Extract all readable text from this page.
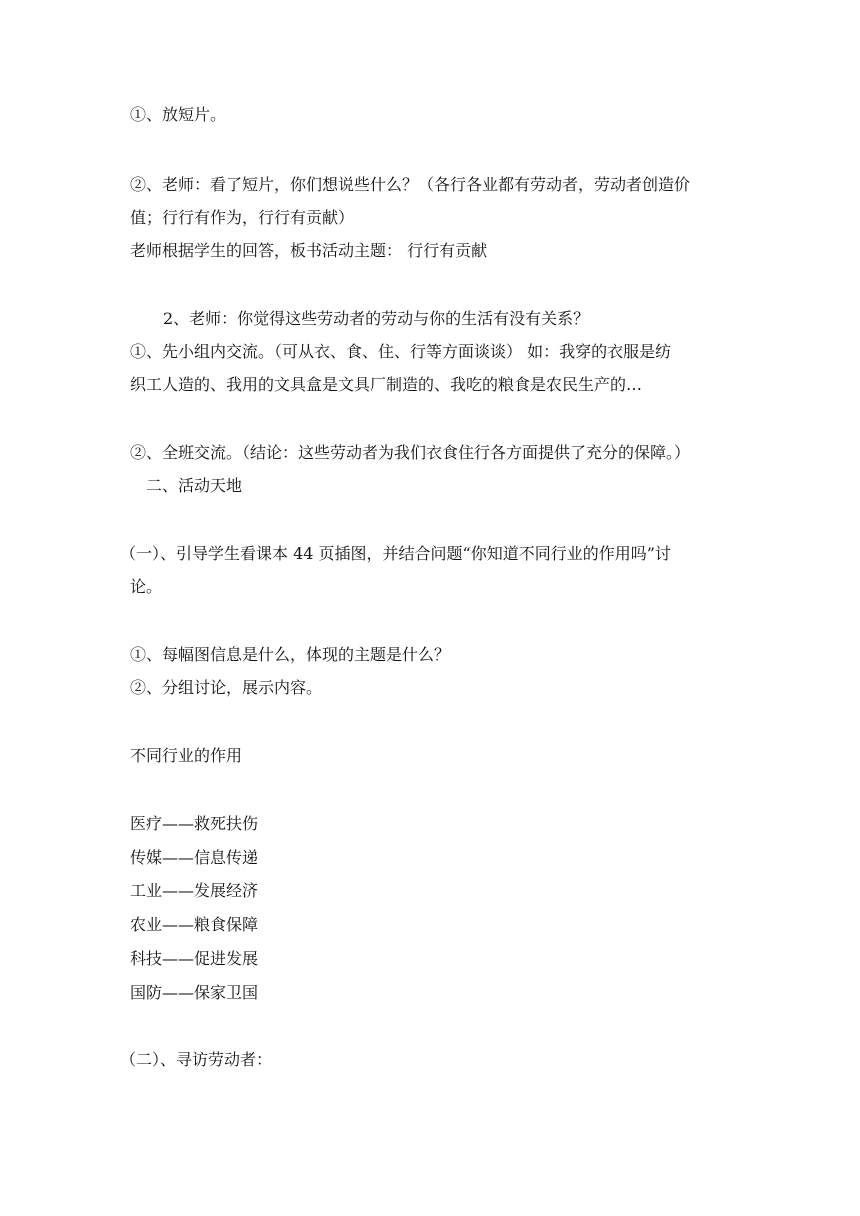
①、放短片。
②、老师：看了短片，你们想说些什么？（各行各业都有劳动者，劳动者创造价
值；行行有作为，行行有贡献）
老师根据学生的回答，板书活动主题： 行行有贡献
2、老师：你觉得这些劳动者的劳动与你的生活有没有关系？
①、先小组内交流。（可从衣、食、住、行等方面谈谈） 如：我穿的衣服是纺
织工人造的、我用的文具盒是文具厂制造的、我吃的粮食是农民生产的…
②、全班交流。（结论：这些劳动者为我们衣食住行各方面提供了充分的保障。）
二、活动天地
（一）、引导学生看课本 44 页插图，并结合问题“你知道不同行业的作用吗”讨
论。
①、每幅图信息是什么，体现的主题是什么？
②、分组讨论，展示内容。
不同行业的作用
医疗——救死扶伤
传媒——信息传递
工业——发展经济
农业——粮食保障
科技——促进发展
国防——保家卫国
（二）、寻访劳动者：
